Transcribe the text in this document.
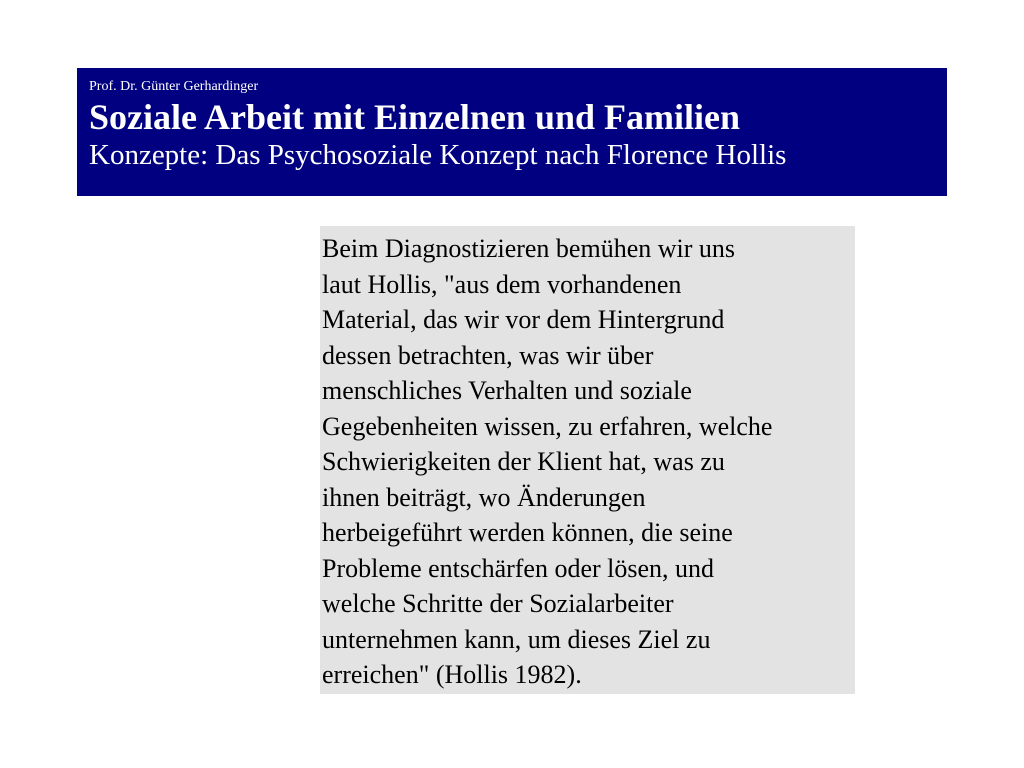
Prof. Dr. Günter Gerhardinger

Soziale Arbeit mit Einzelnen und Familien

Konzepte: Das Psychosoziale Konzept nach Florence Hollis

Beim Diagnostizieren bemühen wir uns
laut Hollis, "aus dem vorhandenen
Material, das wir vor dem Hintergrund
dessen betrachten, was wir über
menschliches Verhalten und soziale
Gegebenheiten wissen, zu erfahren, welche
Schwierigkeiten der Klient hat, was zu
ihnen beiträgt, wo Änderungen
herbeigeführt werden können, die seine
Probleme entschärfen oder lösen, und
welche Schritte der Sozialarbeiter
unternehmen kann, um dieses Ziel zu
erreichen" (Hollis 1982).
